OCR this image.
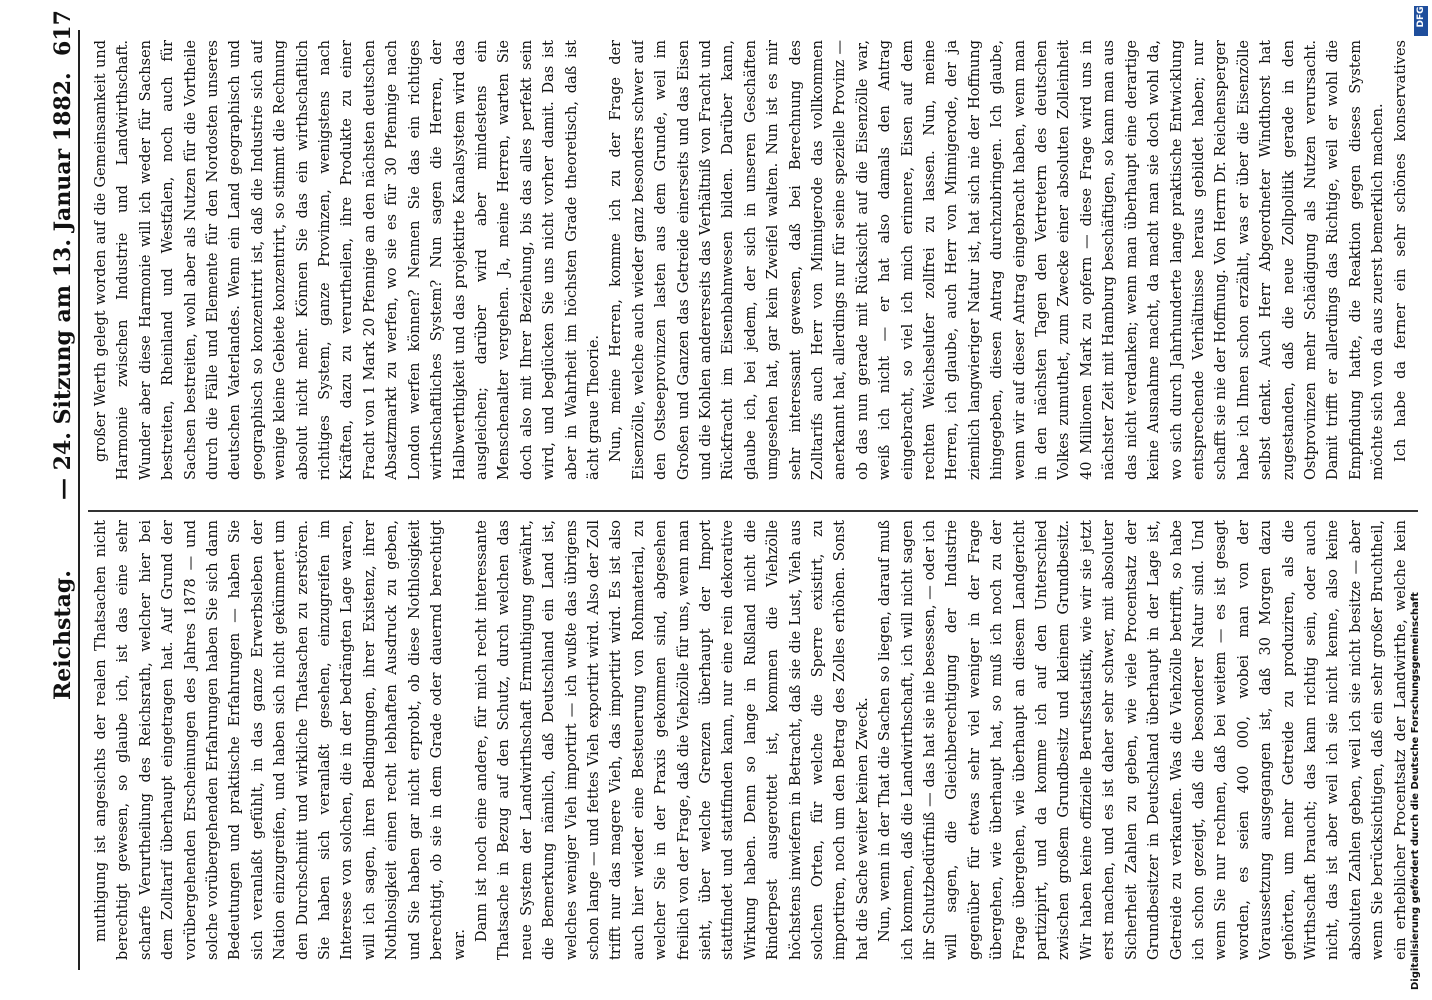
Reichstag.
— 24. Sitzung am 13. Januar 1882.
617

muthigung ist angesichts der realen Thatsachen nicht berechtigt gewesen, so glaube ich, ist das eine sehr scharfe Verurtheilung des Reichsrath, welcher hier bei dem Zolltarif überhaupt eingetragen hat. Auf Grund der vorübergehenden Erscheinungen des Jahres 1878 — und solche vorübergehenden Erfahrungen haben Sie sich dann Bedeutungen und praktische Erfahrungen — haben Sie sich veranlaßt gefühlt, in das ganze Erwerbsleben der Nation einzugreifen, und haben sich nicht gekümmert um den Durchschnitt und wirkliche Thatsachen zu zerstören. Sie haben sich veranlaßt gesehen, einzugreifen im Interesse von solchen, die in der bedrängten Lage waren, will ich sagen, ihren Bedingungen, ihrer Existenz, ihrer Nothlosigkeit einen recht lebhaften Ausdruck zu geben, und Sie haben gar nicht erprobt, ob diese Nothlosigkeit berechtigt, ob sie in dem Grade oder dauernd berechtigt war.

Dann ist noch eine andere, für mich recht interessante Thatsache in Bezug auf den Schutz, durch welchen das neue System der Landwirthschaft Ermuthigung gewährt, die Bemerkung nämlich, daß Deutschland ein Land ist, welches weniger Vieh importirt — ich wußte das übrigens schon lange — und fettes Vieh exportirt wird. Also der Zoll trifft nur das magere Vieh, das importirt wird. Es ist also auch hier wieder eine Besteuerung von Rohmaterial, zu welcher Sie in der Praxis gekommen sind, abgesehen freilich von der Frage, daß die Viehzölle für uns, wenn man sieht, über welche Grenzen überhaupt der Import stattfindet und stattfinden kann, nur eine rein dekorative Wirkung haben. Denn so lange in Rußland nicht die Rinderpest ausgerottet ist, kommen die Viehzölle höchstens inwiefern in Betracht, daß sie die Lust, Vieh aus solchen Orten, für welche die Sperre existirt, zu importiren, noch um den Betrag des Zolles erhöhen. Sonst hat die Sache weiter keinen Zweck. Nun, wenn in der That die Sachen so liegen, darauf muß ich kommen, daß die Landwirthschaft, ich will nicht sagen ihr Schutzbedürfniß — das hat sie nie besessen, — oder ich will sagen, die Gleichberechtigung der Industrie gegenüber für etwas sehr viel weniger in der Frage übergehen, wie überhaupt hat, so muß ich noch zu der Frage übergehen, wie überhaupt an diesem Landgericht partizipirt, und da komme ich auf den Unterschied zwischen großem Grundbesitz und kleinem Grundbesitz. Wir haben keine offizielle Berufsstatistik, wie wir sie jetzt erst machen, und es ist daher sehr schwer, mit absoluter Sicherheit Zahlen zu geben, wie viele Procentsatz der Grundbesitzer in Deutschland überhaupt in der Lage ist, Getreide zu verkaufen. Was die Viehzölle betrifft, so habe ich schon gezeigt, daß die besonderer Natur sind. Und wenn Sie nur rechnen, daß bei weitem — es ist gesagt worden, es seien 400 000, wobei man von der Voraussetzung ausgegangen ist, daß 30 Morgen dazu gehörten, um mehr Getreide zu produziren, als die Wirthschaft braucht; das kann richtig sein, oder auch nicht, das ist aber weil ich sie nicht kenne, also keine absoluten Zahlen geben, weil ich sie nicht besitze — aber wenn Sie berücksichtigen, daß ein sehr großer Bruchtheil, ein erheblicher Procentsatz der Landwirthe, welche kein

großer Werth gelegt worden auf die Gemeinsamkeit und Harmonie zwischen Industrie und Landwirthschaft. Wunder aber diese Harmonie will ich weder für Sachsen bestreiten, Rheinland und Westfalen, noch auch für Sachsen bestreiten, wohl aber als Nutzen für die Vortheile durch die Fälle und Elemente für den Nordosten unseres deutschen Vaterlandes. Wenn ein Land geographisch und geographisch so konzentrirt ist, daß die Industrie sich auf wenige kleine Gebiete konzentrirt, so stimmt die Rechnung absolut nicht mehr. Können Sie das ein wirthschaftlich richtiges System, ganze Provinzen, wenigstens nach Kräften, dazu zu verurtheilen, ihre Produkte zu einer Fracht von 1 Mark 20 Pfennige an den nächsten deutschen Absatzmarkt zu werfen, wo sie es für 30 Pfennige nach London werfen können? Nennen Sie das ein richtiges wirthschaftliches System? Nun sagen die Herren, der Halbwerthigkeit und das projektirte Kanalsystem wird das ausgleichen; darüber wird aber mindestens ein Menschenalter vergehen. Ja, meine Herren, warten Sie doch also mit Ihrer Beziehung, bis das alles perfekt sein wird, und beglücken Sie uns nicht vorher damit. Das ist aber in Wahrheit im höchsten Grade theoretisch, daß ist ächt graue Theorie. Nun, meine Herren, komme ich zu der Frage der Eisenzölle, welche auch wieder ganz besonders schwer auf den Ostseeprovinzen lasten aus dem Grunde, weil im Großen und Ganzen das Getreide einerseits und das Eisen und die Kohlen andererseits das Verhältniß von Fracht und Rückfracht im Eisenbahnwesen bilden. Darüber kann, glaube ich, bei jedem, der sich in unseren Geschäften umgesehen hat, gar kein Zweifel walten. Nun ist es mir sehr interessant gewesen, daß bei Berechnung des Zolltarifs auch Herr von Minnigerode das vollkommen anerkannt hat, allerdings nur für seine spezielle Provinz — ob das nun gerade mit Rücksicht auf die Eisenzölle war, weiß ich nicht — er hat also damals den Antrag eingebracht, so viel ich mich erinnere, Eisen auf dem rechten Weichselufer zollfrei zu lassen. Nun, meine Herren, ich glaube, auch Herr von Minnigerode, der ja ziemlich langwieriger Natur ist, hat sich nie der Hoffnung hingegeben, diesen Antrag durchzubringen. Ich glaube, wenn wir auf dieser Antrag eingebracht haben, wenn man in den nächsten Tagen den Vertretern des deutschen Volkes zumuthet, zum Zwecke einer absoluten Zolleinheit 40 Millionen Mark zu opfern — diese Frage wird uns in nächster Zeit mit Hamburg beschäftigen, so kann man aus das nicht verdanken; wenn man überhaupt eine derartige keine Ausnahme macht, da macht man sie doch wohl da, wo sich durch Jahrhunderte lange praktische Entwicklung entsprechende Verhältnisse heraus gebildet haben; nur schafft sie nie der Hoffnung. Von Herrn Dr. Reichensperger habe ich Ihnen schon erzählt, was er über die Eisenzölle selbst denkt. Auch Herr Abgeordneter Windthorst hat zugestanden, daß die neue Zollpolitik gerade in den Ostprovinzen mehr Schädigung als Nutzen verursacht. Damit trifft er allerdings das Richtige, weil er wohl die Empfindung hatte, die Reaktion gegen dieses System möchte sich von da aus zuerst bemerklich machen. Ich habe da ferner ein sehr schönes konservatives

DFG
Digitalisierung gefördert durch die Deutsche Forschungsgemeinschaft
